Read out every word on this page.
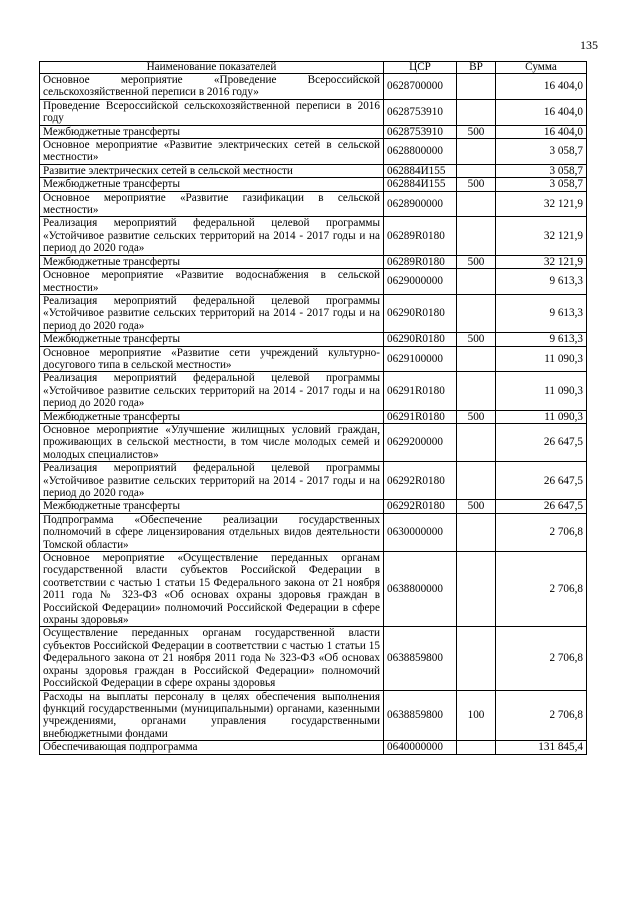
135
Наименование показателей	ЦСР	ВР	Сумма
Основное мероприятие «Проведение Всероссийской сельскохозяйственной переписи в 2016 году»	0628700000		16 404,0
Проведение Всероссийской сельскохозяйственной переписи в 2016 году	0628753910		16 404,0
Межбюджетные трансферты	0628753910	500	16 404,0
Основное мероприятие «Развитие электрических сетей в сельской местности»	0628800000		3 058,7
Развитие электрических сетей в сельской местности	062884И155		3 058,7
Межбюджетные трансферты	062884И155	500	3 058,7
Основное мероприятие «Развитие газификации в сельской местности»	0628900000		32 121,9
Реализация мероприятий федеральной целевой программы «Устойчивое развитие сельских территорий на 2014 - 2017 годы и на период до 2020 года»	06289R0180		32 121,9
Межбюджетные трансферты	06289R0180	500	32 121,9
Основное мероприятие «Развитие водоснабжения в сельской местности»	0629000000		9 613,3
Реализация мероприятий федеральной целевой программы «Устойчивое развитие сельских территорий на 2014 - 2017 годы и на период до 2020 года»	06290R0180		9 613,3
Межбюджетные трансферты	06290R0180	500	9 613,3
Основное мероприятие «Развитие сети учреждений культурно-досугового типа в сельской местности»	0629100000		11 090,3
Реализация мероприятий федеральной целевой программы «Устойчивое развитие сельских территорий на 2014 - 2017 годы и на период до 2020 года»	06291R0180		11 090,3
Межбюджетные трансферты	06291R0180	500	11 090,3
Основное мероприятие «Улучшение жилищных условий граждан, проживающих в сельской местности, в том числе молодых семей и молодых специалистов»	0629200000		26 647,5
Реализация мероприятий федеральной целевой программы «Устойчивое развитие сельских территорий на 2014 - 2017 годы и на период до 2020 года»	06292R0180		26 647,5
Межбюджетные трансферты	06292R0180	500	26 647,5
Подпрограмма «Обеспечение реализации государственных полномочий в сфере лицензирования отдельных видов деятельности Томской области»	0630000000		2 706,8
Основное мероприятие «Осуществление переданных органам государственной власти субъектов Российской Федерации в соответствии с частью 1 статьи 15 Федерального закона от 21 ноября 2011 года № 323-ФЗ «Об основах охраны здоровья граждан в Российской Федерации» полномочий Российской Федерации в сфере охраны здоровья»	0638800000		2 706,8
Осуществление переданных органам государственной власти субъектов Российской Федерации в соответствии с частью 1 статьи 15 Федерального закона от 21 ноября 2011 года № 323-ФЗ «Об основах охраны здоровья граждан в Российской Федерации» полномочий Российской Федерации в сфере охраны здоровья	0638859800		2 706,8
Расходы на выплаты персоналу в целях обеспечения выполнения функций государственными (муниципальными) органами, казенными учреждениями, органами управления государственными внебюджетными фондами	0638859800	100	2 706,8
Обеспечивающая подпрограмма	0640000000		131 845,4
